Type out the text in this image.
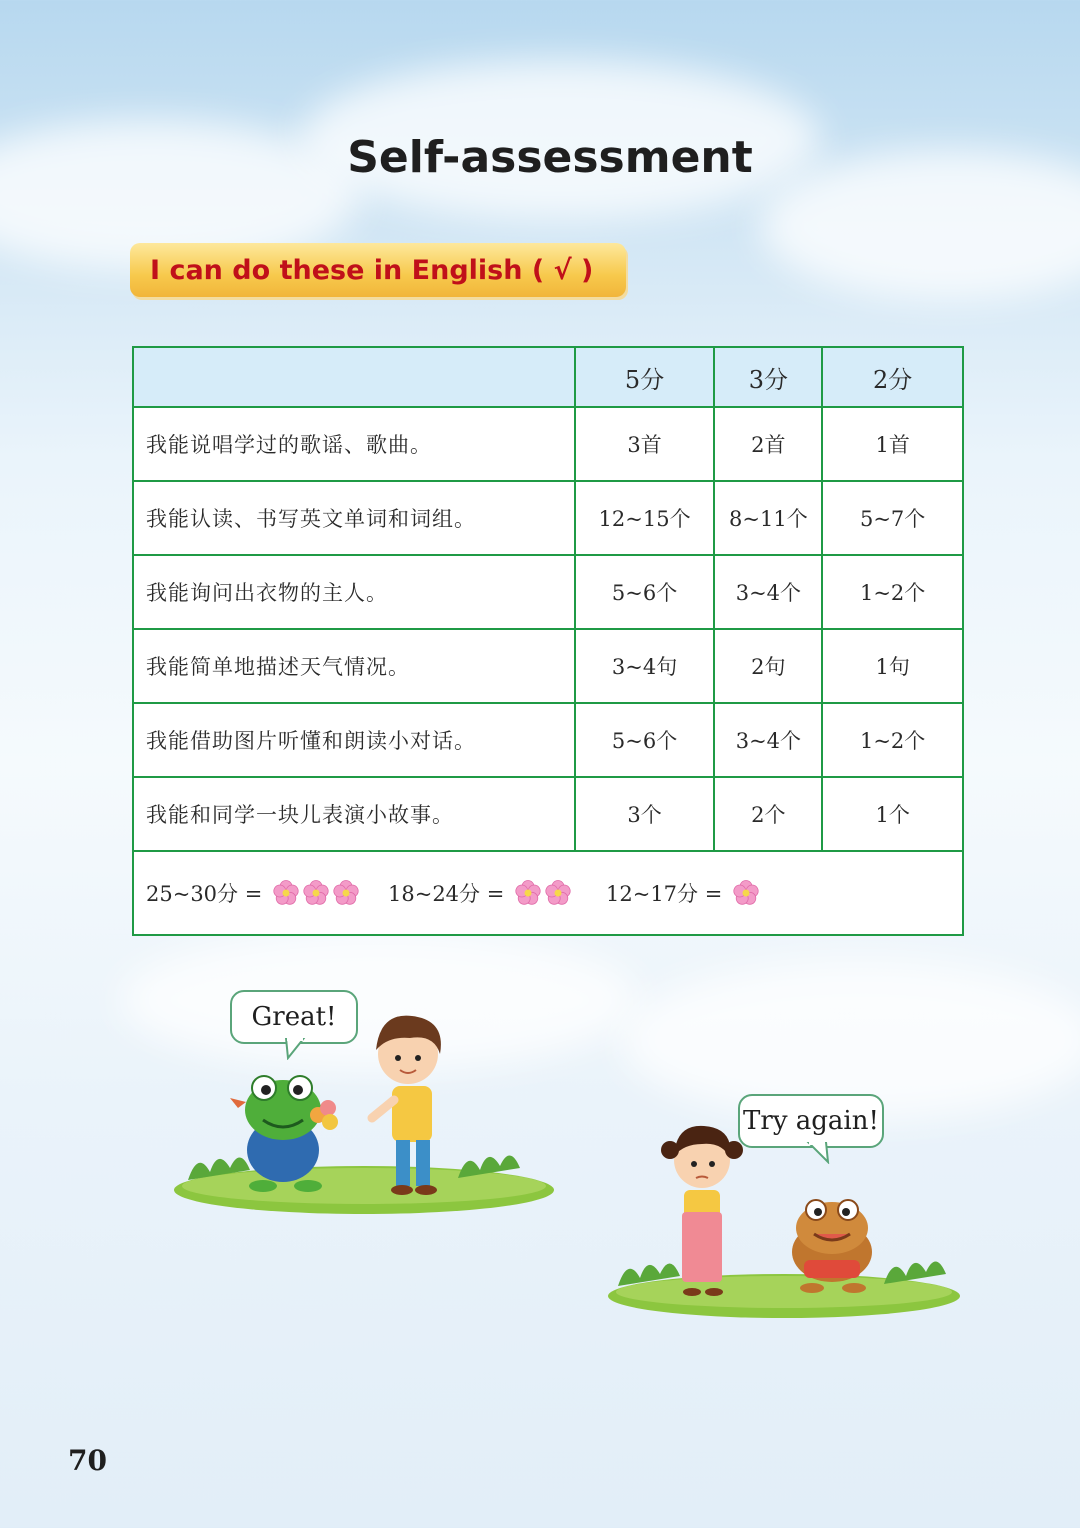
Self-assessment
I can do these in English ( √ )
	5分	3分	2分
我能说唱学过的歌谣、歌曲。	3首	2首	1首
我能认读、书写英文单词和词组。	12~15个	8~11个	5~7个
我能询问出衣物的主人。	5~6个	3~4个	1~2个
我能简单地描述天气情况。	3~4句	2句	1句
我能借助图片听懂和朗读小对话。	5~6个	3~4个	1~2个
我能和同学一块儿表演小故事。	3个	2个	1个

25~30分 = 18~24分 = 12~17分 =			
Great!
Try again!
70
